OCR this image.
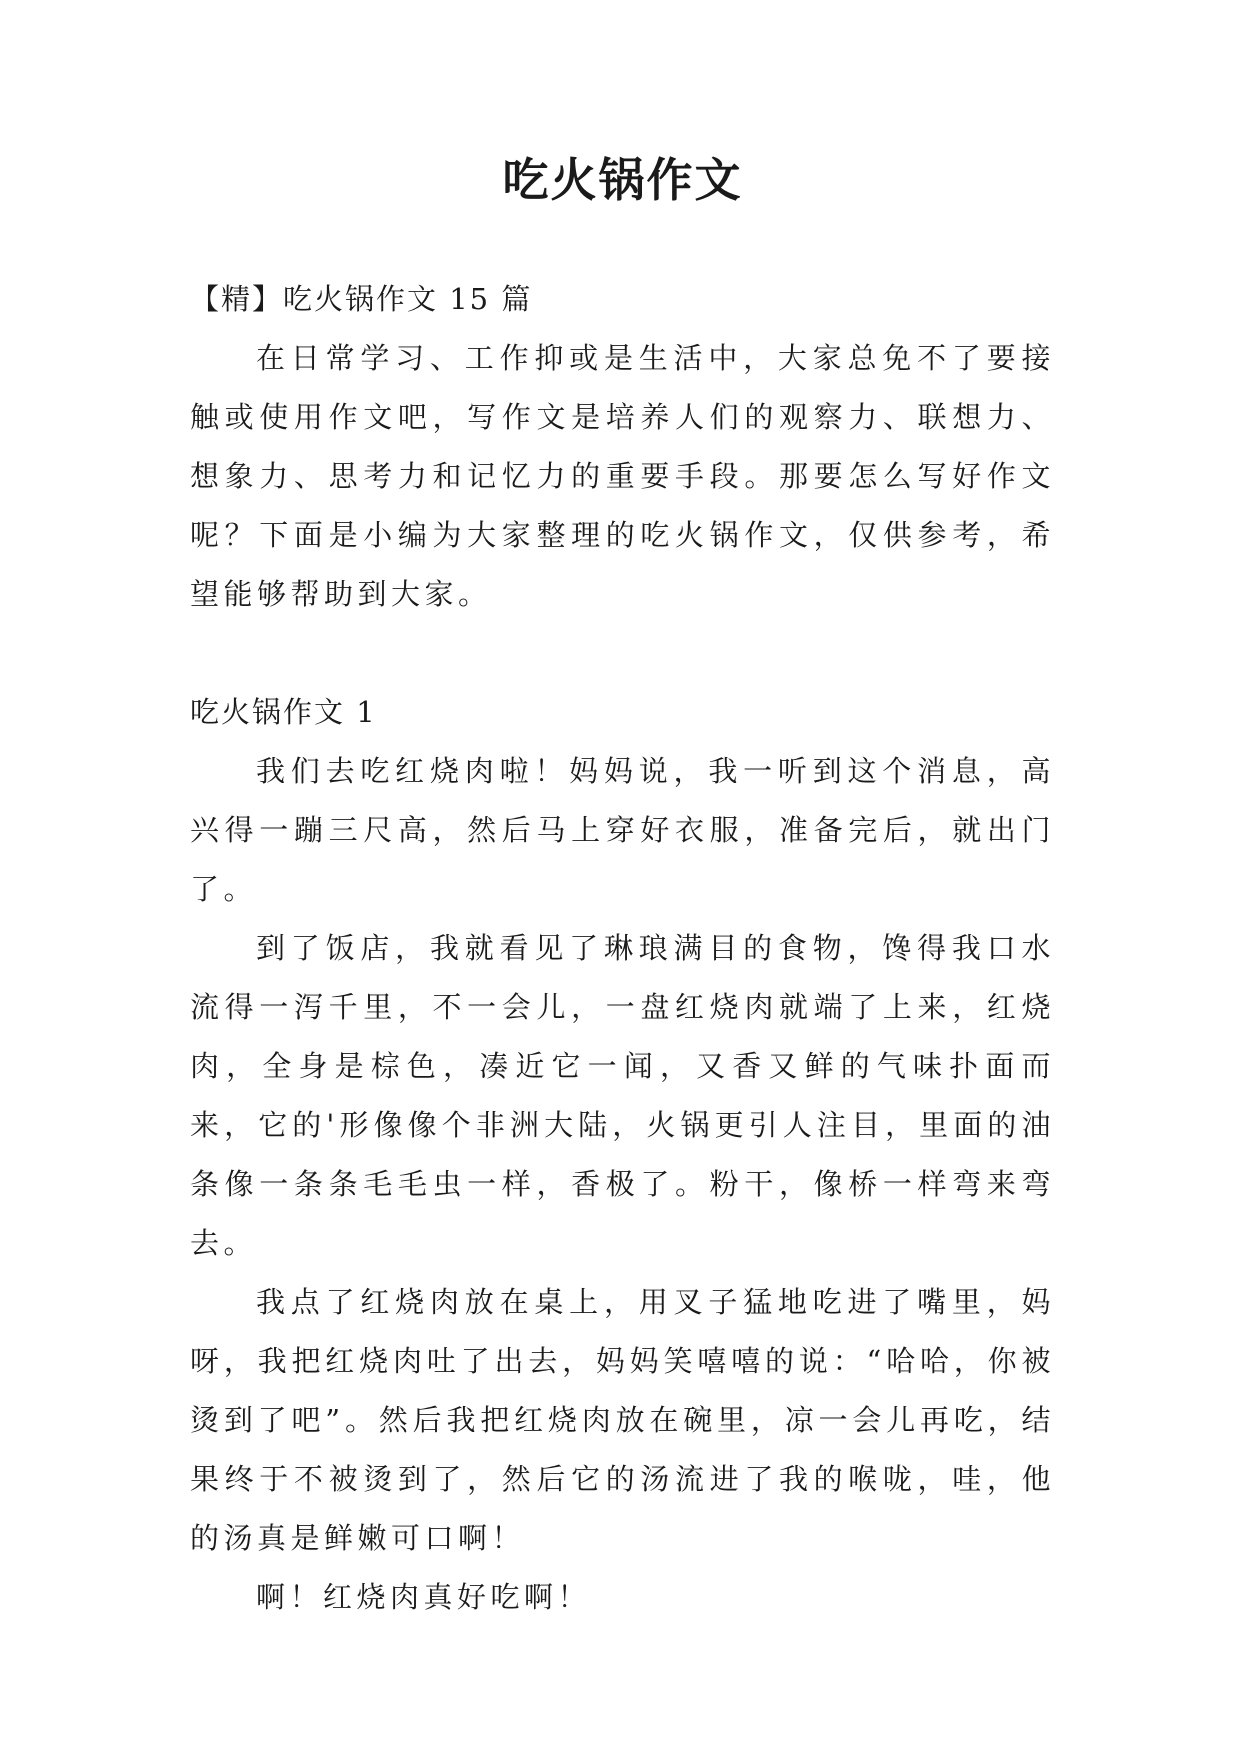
吃火锅作文

【精】吃火锅作文 15 篇

在日常学习、工作抑或是生活中，大家总免不了要接触或使用作文吧，写作文是培养人们的观察力、联想力、想象力、思考力和记忆力的重要手段。那要怎么写好作文呢？下面是小编为大家整理的吃火锅作文，仅供参考，希望能够帮助到大家。

吃火锅作文 1

我们去吃红烧肉啦！妈妈说，我一听到这个消息，高兴得一蹦三尺高，然后马上穿好衣服，准备完后，就出门了。

到了饭店，我就看见了琳琅满目的食物，馋得我口水流得一泻千里，不一会儿，一盘红烧肉就端了上来，红烧肉，全身是棕色，凑近它一闻，又香又鲜的气味扑面而来，它的'形像像个非洲大陆，火锅更引人注目，里面的油条像一条条毛毛虫一样，香极了。粉干，像桥一样弯来弯去。

我点了红烧肉放在桌上，用叉子猛地吃进了嘴里，妈呀，我把红烧肉吐了出去，妈妈笑嘻嘻的说：“哈哈，你被烫到了吧”。然后我把红烧肉放在碗里，凉一会儿再吃，结果终于不被烫到了，然后它的汤流进了我的喉咙，哇，他的汤真是鲜嫩可口啊！

啊！红烧肉真好吃啊！
